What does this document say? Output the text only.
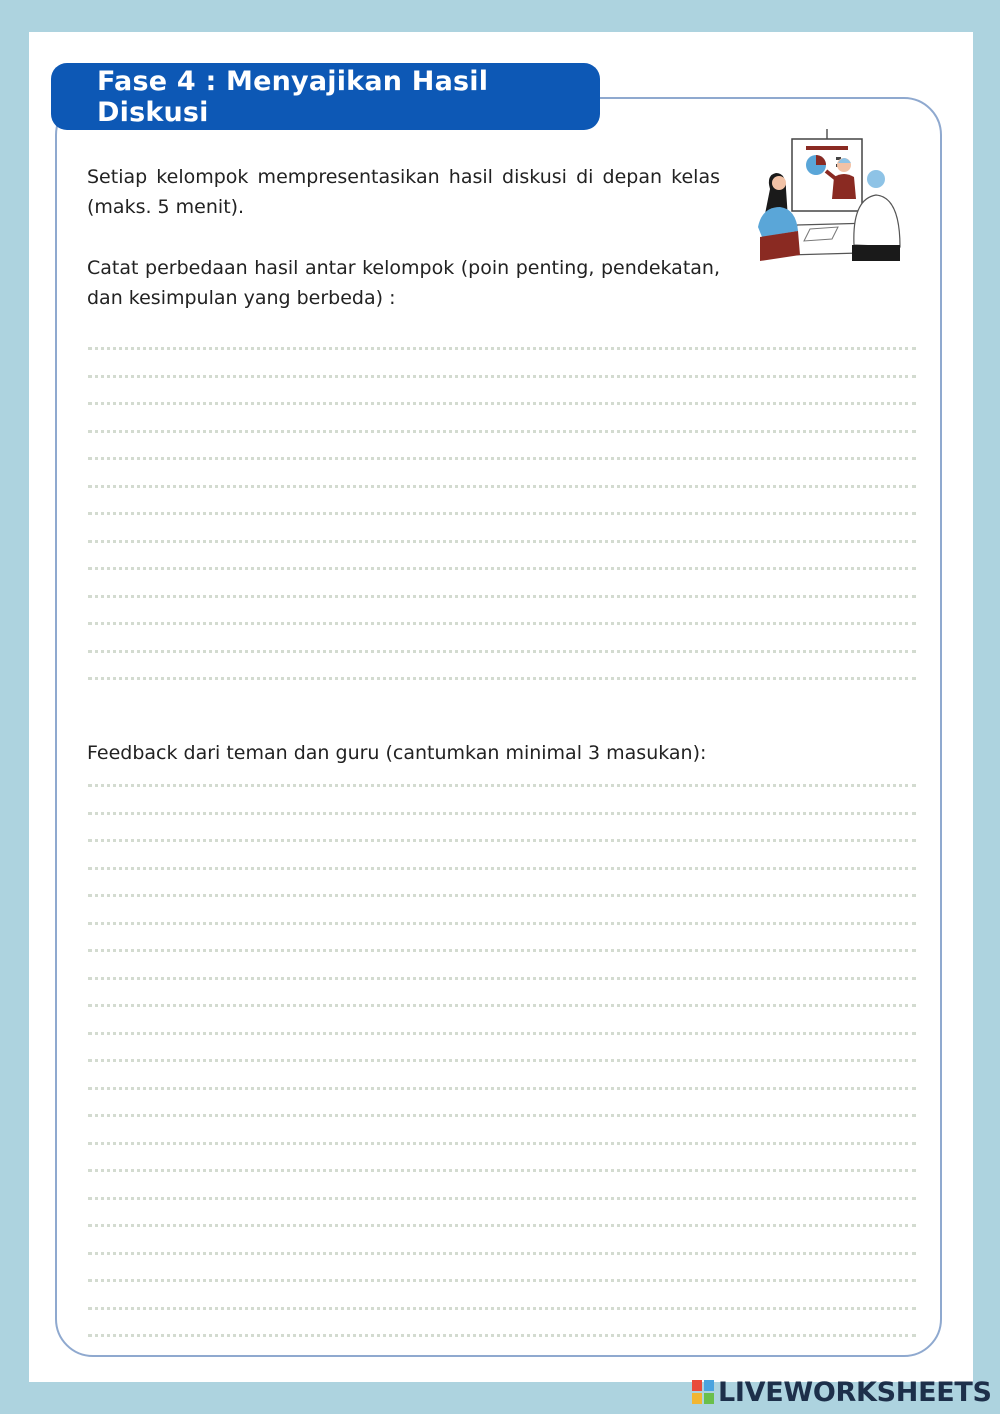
Fase 4 : Menyajikan Hasil Diskusi
Setiap kelompok mempresentasikan hasil diskusi di depan kelas (maks. 5 menit).
Catat perbedaan hasil antar kelompok (poin penting, pendekatan, dan kesimpulan yang berbeda) :
Feedback dari teman dan guru (cantumkan minimal 3 masukan):
LIVEWORKSHEETS
